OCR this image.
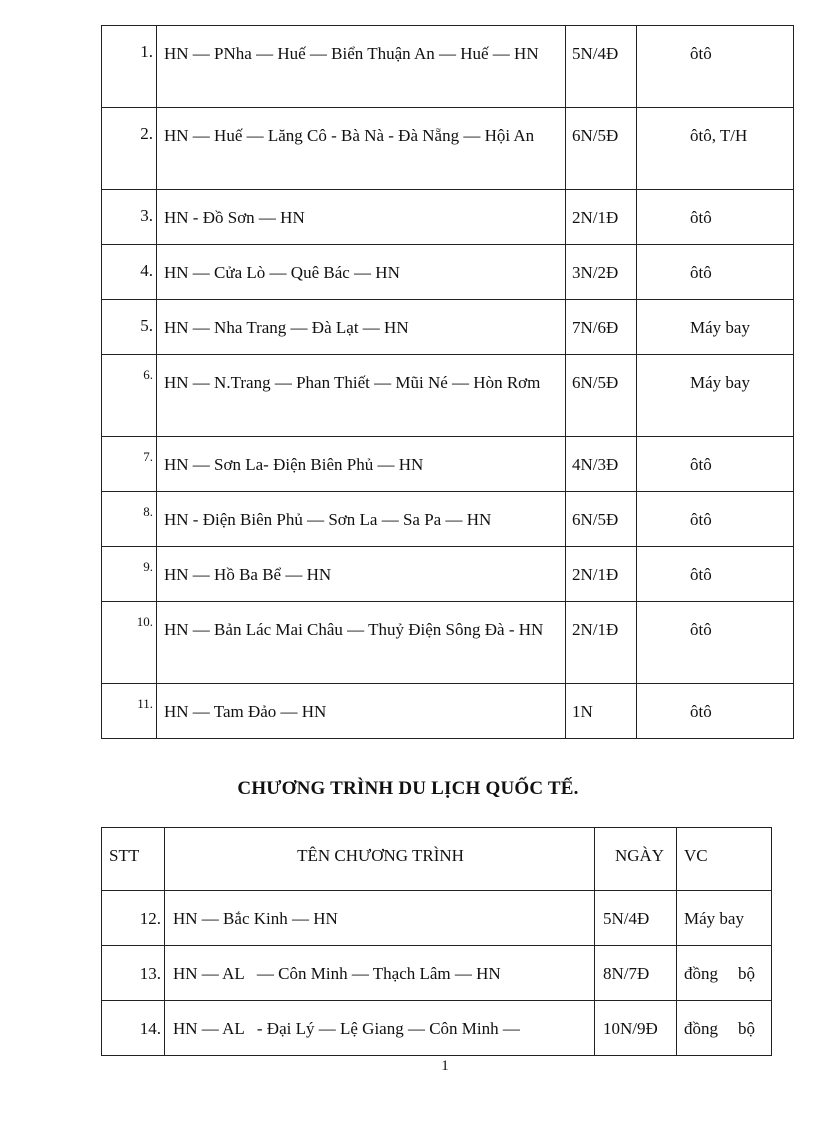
1.	HN — PNha — Huế — Biển Thuận An — Huế — HN	5N/4Đ	ôtô
2.	HN — Huế — Lăng Cô - Bà Nà - Đà Nẵng — Hội An	6N/5Đ	ôtô, T/H
3.	HN - Đồ Sơn — HN	2N/1Đ	ôtô
4.	HN — Cửa Lò — Quê Bác — HN	3N/2Đ	ôtô
5.	HN — Nha Trang — Đà Lạt — HN	7N/6Đ	Máy bay
6.	HN — N.Trang — Phan Thiết — Mũi Né — Hòn Rơm	6N/5Đ	Máy bay
7.	HN — Sơn La- Điện Biên Phủ — HN	4N/3Đ	ôtô
8.	HN - Điện Biên Phủ — Sơn La — Sa Pa — HN	6N/5Đ	ôtô
9.	HN — Hồ Ba Bể — HN	2N/1Đ	ôtô
10.	HN — Bản Lác Mai Châu — Thuỷ Điện Sông Đà - HN	2N/1Đ	ôtô
11.	HN — Tam Đảo — HN	1N	ôtô
CHƯƠNG TRÌNH DU LỊCH QUỐC TẾ.
STT	TÊN CHƯƠNG TRÌNH	NGÀY	VC
12.	HN — Bắc Kinh — HN	5N/4Đ	Máy bay
13.	HN — AL   — Côn Minh — Thạch Lâm — HN	8N/7Đ	đồng bộ

14.	HN — AL   - Đại Lý — Lệ Giang — Côn Minh —	10N/9Đ	đồng bộ
1
